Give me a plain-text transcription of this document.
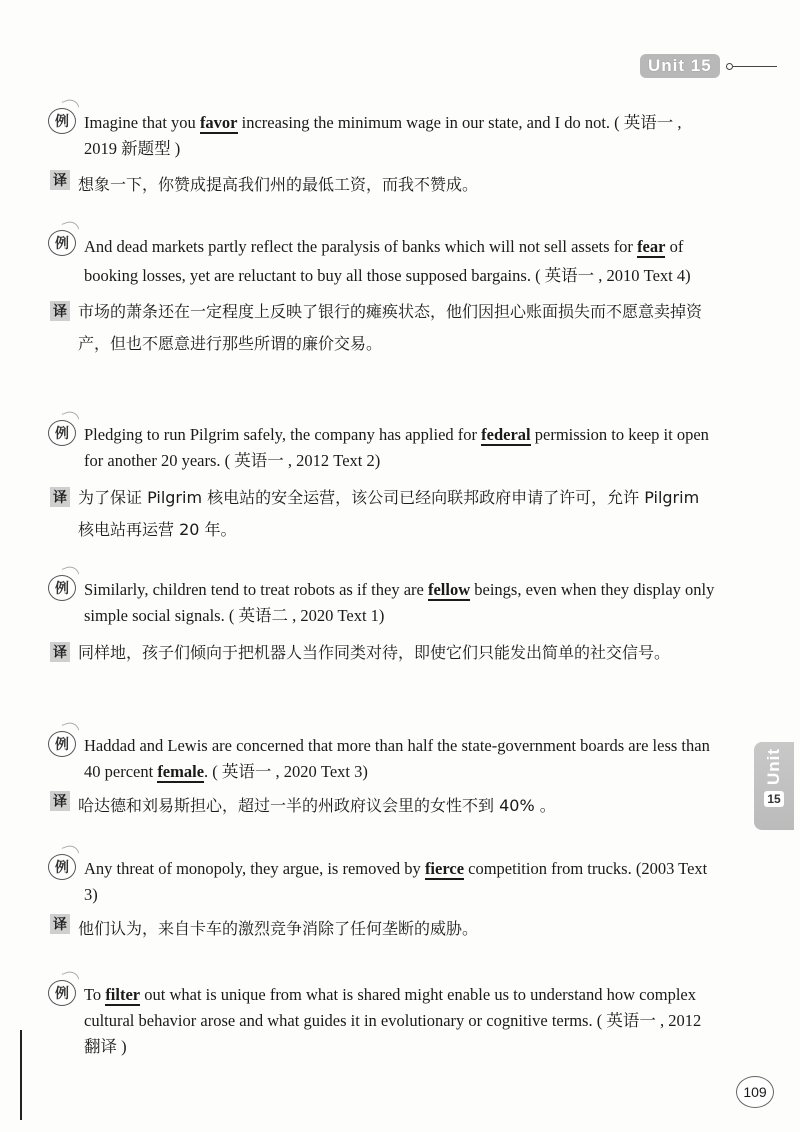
Unit 15
Unit
15
例 Imagine that you favor increasing the minimum wage in our state, and I do not. ( 英语一 , 2019 新题型 )
译 想象一下，你赞成提高我们州的最低工资，而我不赞成。
例 And dead markets partly reflect the paralysis of banks which will not sell assets for fear of booking losses, yet are reluctant to buy all those supposed bargains. ( 英语一 , 2010 Text 4)
译 市场的萧条还在一定程度上反映了银行的瘫痪状态，他们因担心账面损失而不愿意卖掉资产，但也不愿意进行那些所谓的廉价交易。
例 Pledging to run Pilgrim safely, the company has applied for federal permission to keep it open for another 20 years. ( 英语一 , 2012 Text 2)
译 为了保证 Pilgrim 核电站的安全运营，该公司已经向联邦政府申请了许可，允许 Pilgrim 核电站再运营 20 年。
例 Similarly, children tend to treat robots as if they are fellow beings, even when they display only simple social signals. ( 英语二 , 2020 Text 1)
译 同样地，孩子们倾向于把机器人当作同类对待，即使它们只能发出简单的社交信号。
例 Haddad and Lewis are concerned that more than half the state-government boards are less than 40 percent female. ( 英语一 , 2020 Text 3)
译 哈达德和刘易斯担心，超过一半的州政府议会里的女性不到 40% 。
例 Any threat of monopoly, they argue, is removed by fierce competition from trucks. (2003 Text 3)
译 他们认为，来自卡车的激烈竞争消除了任何垄断的威胁。
例 To filter out what is unique from what is shared might enable us to understand how complex cultural behavior arose and what guides it in evolutionary or cognitive terms. ( 英语一 , 2012 翻译 )
109
